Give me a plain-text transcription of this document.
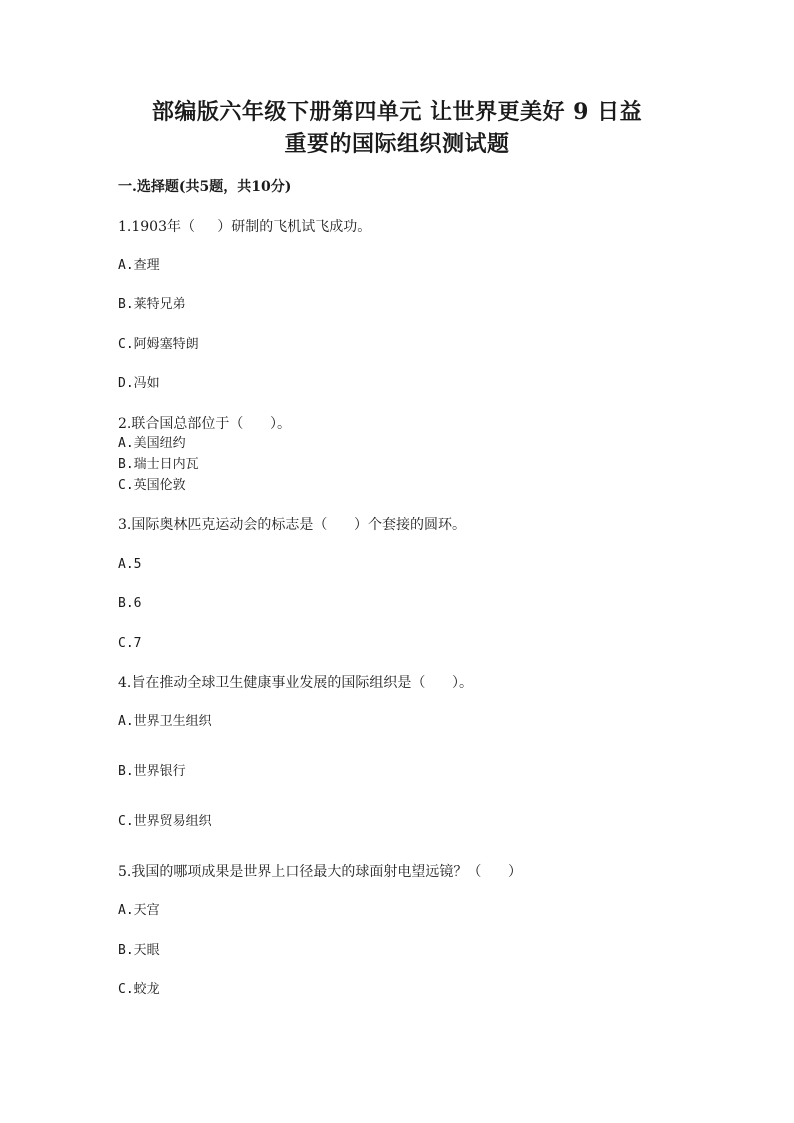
部编版六年级下册第四单元 让世界更美好 9 日益
重要的国际组织测试题
一.选择题(共5题，共10分)
1.1903年（     ）研制的飞机试飞成功。
A.查理
B.莱特兄弟
C.阿姆塞特朗
D.冯如
2.联合国总部位于（      ）。
A.美国纽约
B.瑞士日内瓦
C.英国伦敦
3.国际奥林匹克运动会的标志是（      ）个套接的圆环。
A.5
B.6
C.7
4.旨在推动全球卫生健康事业发展的国际组织是（      ）。
A.世界卫生组织
B.世界银行
C.世界贸易组织
5.我国的哪项成果是世界上口径最大的球面射电望远镜？（      ）
A.天宫
B.天眼
C.蛟龙
